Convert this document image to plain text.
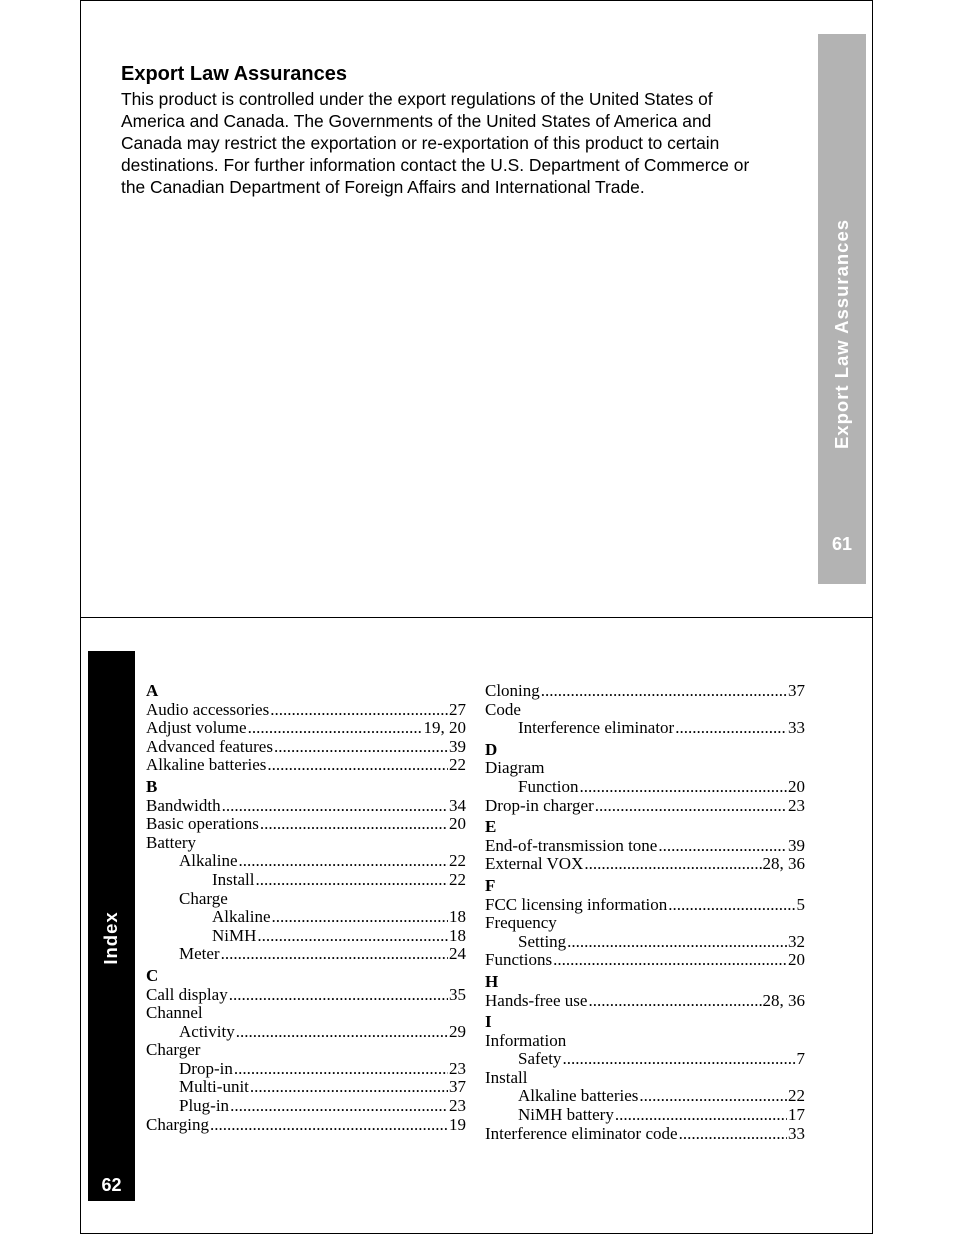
Export Law Assurances
This product is controlled under the export regulations of the United States of
America and Canada. The Governments of the United States of America and
Canada may restrict the exportation or re-exportation of this product to certain
destinations. For further information contact the U.S. Department of Commerce or
the Canadian Department of Foreign Affairs and International Trade.
Export Law Assurances
61
Index
62
A
Audio accessories .....	27
Adjust volume .....	19, 20
Advanced features .....	39
Alkaline batteries .....	22
B
Bandwidth .....	34
Basic operations .....	20
Battery
Alkaline .....	22
Install .....	22
Charge
Alkaline .....	18
NiMH .....	18
Meter .....	24
C
Call display .....	35
Channel
Activity .....	29
Charger
Drop-in .....	23
Multi-unit .....	37
Plug-in .....	23
Charging .....	19
Cloning .....	37
Code
Interference eliminator .....	33
D
Diagram
Function .....	20
Drop-in charger .....	23
E
End-of-transmission tone .....	39
External VOX .....	28, 36
F
FCC licensing information .....	5
Frequency
Setting .....	32
Functions .....	20
H
Hands-free use .....	28, 36
I
Information
Safety .....	7
Install
Alkaline batteries .....	22
NiMH battery .....	17
Interference eliminator code .....	33
